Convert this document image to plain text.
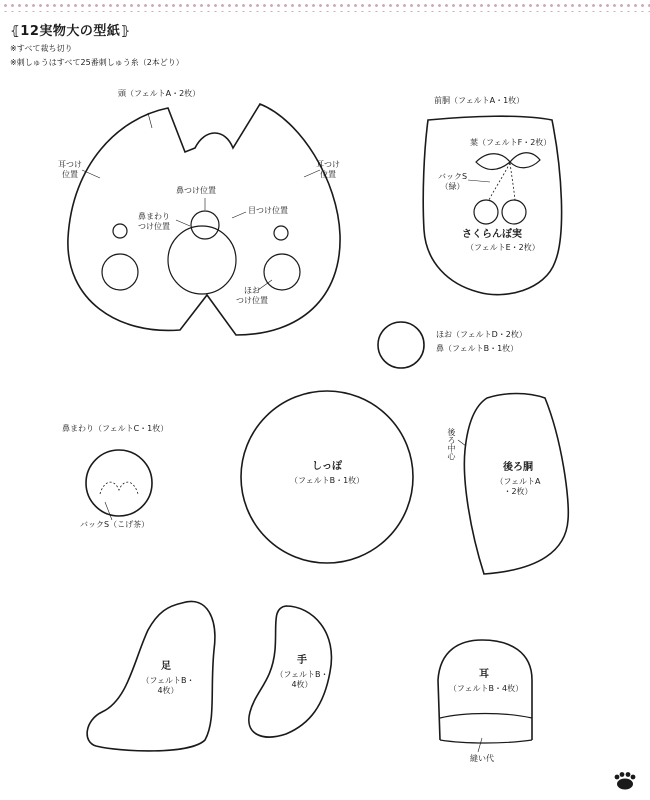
⦃12実物大の型紙⦄
※すべて裁ち切り
※刺しゅうはすべて25番刺しゅう糸（2本どり）
頭（フェルトA・2枚）
耳つけ
位置
耳つけ
位置
鼻つけ位置
鼻まわり
つけ位置
目つけ位置
ほお
つけ位置
前胴（フェルトA・1枚）
葉（フェルトF・2枚）
バックS
（緑）
さくらんぼ実
（フェルトE・2枚）
ほお（フェルトD・2枚）
鼻（フェルトB・1枚）
鼻まわり（フェルトC・1枚）
バックS（こげ茶）
しっぽ
（フェルトB・1枚）
後ろ胴
（フェルトA
・2枚）
後ろ中心
足
（フェルトB・
4枚）
手
（フェルトB・
4枚）
耳
（フェルトB・4枚）
縫い代
